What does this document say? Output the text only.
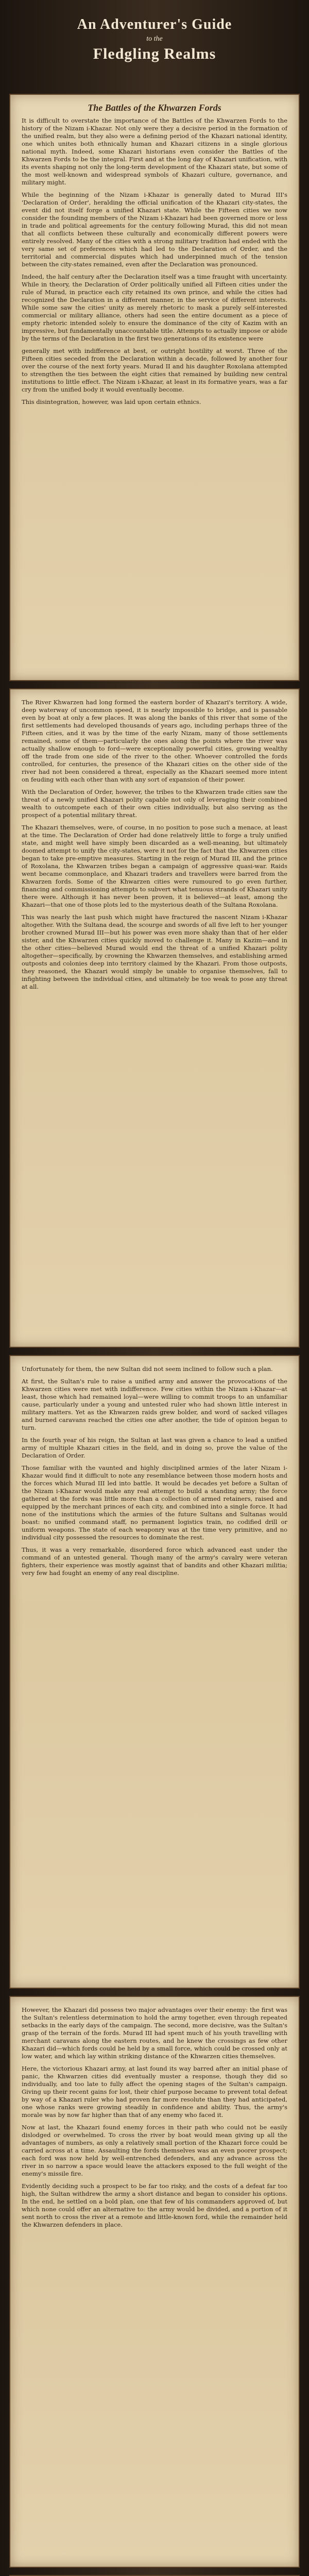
An Adventurer's Guide
to the
Fledgling Realms
The Battles of the Khwarzen Fords

It is difficult to overstate the importance of the Battles of the Khwarzen Fords to the history of the Nizam i-Khazar. Not only were they a decisive period in the formation of the unified realm, but they also were a defining period of the Khazari national identity, one which unites both ethnically human and Khazari citizens in a single glorious national myth. Indeed, some Khazari historians even consider the Battles of the Khwarzen Fords to be the integral. First and at the long day of Khazari unification, with its events shaping not only the long-term development of the Khazari state, but some of the most well-known and widespread symbols of Khazari culture, governance, and military might.

While the beginning of the Nizam i-Khazar is generally dated to Murad III's 'Declaration of Order', heralding the official unification of the Khazari city-states, the event did not itself forge a unified Khazari state. While the Fifteen cities we now consider the founding members of the Nizam i-Khazari had been governed more or less in trade and political agreements for the century following Murad, this did not mean that all conflicts between these culturally and economically different powers were entirely resolved. Many of the cities with a strong military tradition had ended with the very same set of preferences which had led to the Declaration of Order, and the territorial and commercial disputes which had underpinned much of the tension between the city-states remained, even after the Declaration was pronounced.

Indeed, the half century after the Declaration itself was a time fraught with uncertainty. While in theory, the Declaration of Order politically unified all Fifteen cities under the rule of Murad, in practice each city retained its own prince, and while the cities had recognized the Declaration in a different manner, in the service of different interests. While some saw the cities' unity as merely rhetoric to mask a purely self-interested commercial or military alliance, others had seen the entire document as a piece of empty rhetoric intended solely to ensure the dominance of the city of Kazim with an impressive, but fundamentally unaccountable title. Attempts to actually impose or abide by the terms of the Declaration in the first two generations of its existence were

generally met with indifference at best, or outright hostility at worst. Three of the Fifteen cities seceded from the Declaration within a decade, followed by another four over the course of the next forty years. Murad II and his daughter Roxolana attempted to strengthen the ties between the eight cities that remained by building new central institutions to little effect. The Nizam i-Khazar, at least in its formative years, was a far cry from the unified body it would eventually become.

This disintegration, however, was laid upon certain ethnics.

The River Khwarzen had long formed the eastern border of Khazari's territory. A wide, deep waterway of uncommon speed, it is nearly impossible to bridge, and is passable even by boat at only a few places. It was along the banks of this river that some of the first settlements had developed thousands of years ago, including perhaps three of the Fifteen cities, and it was by the time of the early Nizam, many of those settlements remained, some of them—particularly the ones along the points where the river was actually shallow enough to ford—were exceptionally powerful cities, growing wealthy off the trade from one side of the river to the other. Whoever controlled the fords controlled, for centuries, the presence of the Khazari cities on the other side of the river had not been considered a threat, especially as the Khazari seemed more intent on feuding with each other than with any sort of expansion of their power.

With the Declaration of Order, however, the tribes to the Khwarzen trade cities saw the threat of a newly unified Khazari polity capable not only of leveraging their combined wealth to outcompete each of their own cities individually, but also serving as the prospect of a potential military threat.

The Khazari themselves, were, of course, in no position to pose such a menace, at least at the time. The Declaration of Order had done relatively little to forge a truly unified state, and might well have simply been discarded as a well-meaning, but ultimately doomed attempt to unify the city-states, were it not for the fact that the Khwarzen cities began to take pre-emptive measures. Starting in the reign of Murad III, and the prince of Roxolana, the Khwarzen tribes began a campaign of aggressive quasi-war. Raids went became commonplace, and Khazari traders and travellers were barred from the Khwarzen fords. Some of the Khwarzen cities were rumoured to go even further, financing and commissioning attempts to subvert what tenuous strands of Khazari unity there were. Although it has never been proven, it is believed—at least, among the Khazari—that one of those plots led to the mysterious death of the Sultana Roxolana.

This was nearly the last push which might have fractured the nascent Nizam i-Khazar altogether. With the Sultana dead, the scourge and swords of all five left to her younger brother crowned Murad III—but his power was even more shaky than that of her elder sister, and the Khwarzen cities quickly moved to challenge it. Many in Kazim—and in the other cities—believed Murad would end the threat of a unified Khazari polity altogether—specifically, by crowning the Khwarzen themselves, and establishing armed outposts and colonies deep into territory claimed by the Khazari. From those outposts, they reasoned, the Khazari would simply be unable to organise themselves, fall to infighting between the individual cities, and ultimately be too weak to pose any threat at all.

Unfortunately for them, the new Sultan did not seem inclined to follow such a plan.

At first, the Sultan's rule to raise a unified army and answer the provocations of the Khwarzen cities were met with indifference. Few cities within the Nizam i-Khazar—at least, those which had remained loyal—were willing to commit troops to an unfamiliar cause, particularly under a young and untested ruler who had shown little interest in military matters. Yet as the Khwarzen raids grew bolder, and word of sacked villages and burned caravans reached the cities one after another, the tide of opinion began to turn.

In the fourth year of his reign, the Sultan at last was given a chance to lead a unified army of multiple Khazari cities in the field, and in doing so, prove the value of the Declaration of Order.

Those familiar with the vaunted and highly disciplined armies of the later Nizam i-Khazar would find it difficult to note any resemblance between those modern hosts and the forces which Murad III led into battle. It would be decades yet before a Sultan of the Nizam i-Khazar would make any real attempt to build a standing army; the force gathered at the fords was little more than a collection of armed retainers, raised and equipped by the merchant princes of each city, and combined into a single force. It had none of the institutions which the armies of the future Sultans and Sultanas would boast: no unified command staff, no permanent logistics train, no codified drill or uniform weapons. The state of each weaponry was at the time very primitive, and no individual city possessed the resources to dominate the rest.

Thus, it was a very remarkable, disordered force which advanced east under the command of an untested general. Though many of the army's cavalry were veteran fighters, their experience was mostly against that of bandits and other Khazari militia; very few had fought an enemy of any real discipline.

However, the Khazari did possess two major advantages over their enemy: the first was the Sultan's relentless determination to hold the army together, even through repeated setbacks in the early days of the campaign. The second, more decisive, was the Sultan's grasp of the terrain of the fords. Murad III had spent much of his youth travelling with merchant caravans along the eastern routes, and he knew the crossings as few other Khazari did—which fords could be held by a small force, which could be crossed only at low water, and which lay within striking distance of the Khwarzen cities themselves.

Here, the victorious Khazari army, at last found its way barred after an initial phase of panic, the Khwarzen cities did eventually muster a response, though they did so individually, and too late to fully affect the opening stages of the Sultan's campaign. Giving up their recent gains for lost, their chief purpose became to prevent total defeat by way of a Khazari ruler who had proven far more resolute than they had anticipated, one whose ranks were growing steadily in confidence and ability. Thus, the army's morale was by now far higher than that of any enemy who faced it.

Now at last, the Khazari found enemy forces in their path who could not be easily dislodged or overwhelmed. To cross the river by boat would mean giving up all the advantages of numbers, as only a relatively small portion of the Khazari force could be carried across at a time. Assaulting the fords themselves was an even poorer prospect; each ford was now held by well-entrenched defenders, and any advance across the river in so narrow a space would leave the attackers exposed to the full weight of the enemy's missile fire.

Evidently deciding such a prospect to be far too risky, and the costs of a defeat far too high, the Sultan withdrew the army a short distance and began to consider his options. In the end, he settled on a bold plan, one that few of his commanders approved of, but which none could offer an alternative to: the army would be divided, and a portion of it sent north to cross the river at a remote and little-known ford, while the remainder held the Khwarzen defenders in place.
